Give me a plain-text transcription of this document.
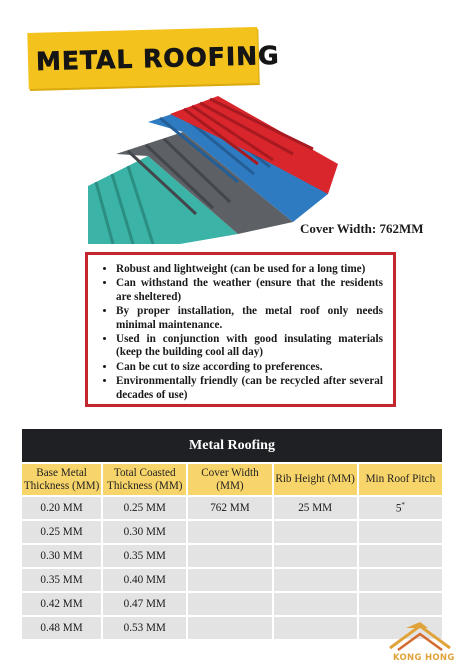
METAL ROOFING
Cover Width: 762MM
• Robust and lightweight (can be used for a long time)
• Can withstand the weather (ensure that the residents are sheltered)
• By proper installation, the metal roof only needs minimal maintenance.
• Used in conjunction with good insulating materials (keep the building cool all day)
• Can be cut to size according to preferences.
• Environmentally friendly (can be recycled after several decades of use)
Metal Roofing
Base Metal Thickness (MM)	Total Coasted Thickness (MM)	Cover Width (MM)	Rib Height (MM)	Min Roof Pitch
0.20 MM	0.25 MM	762 MM	25 MM	5*
0.25 MM	0.30 MM			
0.30 MM	0.35 MM			
0.35 MM	0.40 MM			
0.42 MM	0.47 MM			
0.48 MM	0.53 MM			
KONG HONG
